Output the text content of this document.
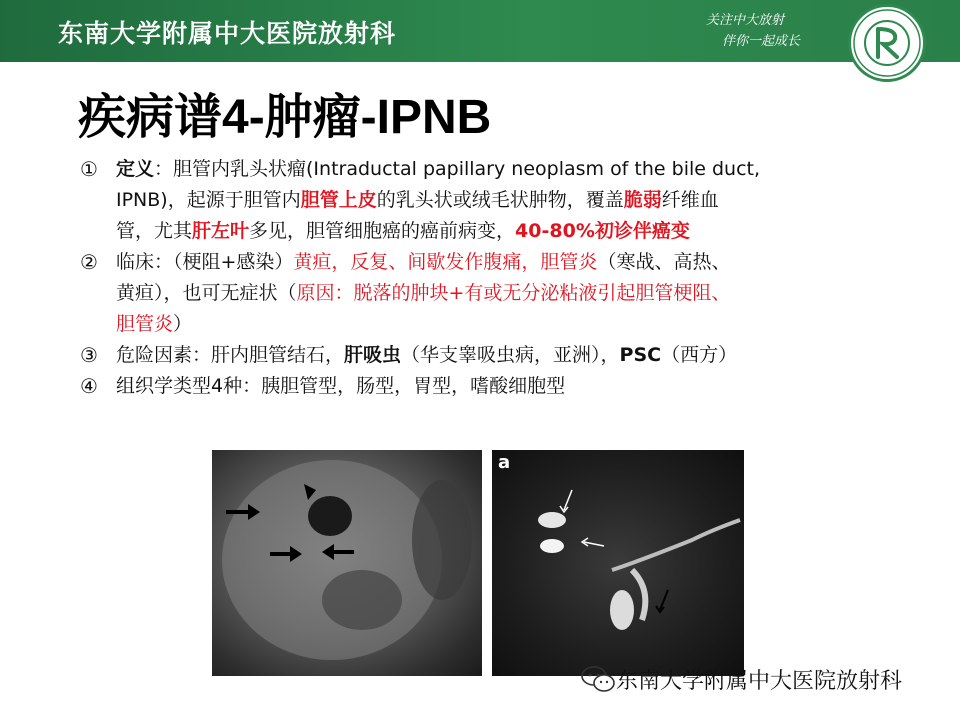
东南大学附属中大医院放射科	关注中大放射
伴你一起成长
疾病谱4-肿瘤-IPNB
① 定义：胆管内乳头状瘤(Intraductal papillary neoplasm of the bile duct,
IPNB)，起源于胆管内胆管上皮的乳头状或绒毛状肿物，覆盖脆弱纤维血
管，尤其肝左叶多见，胆管细胞癌的癌前病变，40-80%初诊伴癌变
② 临床：（梗阻+感染）黄疸，反复、间歇发作腹痛，胆管炎（寒战、高热、
黄疸），也可无症状（原因：脱落的肿块+有或无分泌粘液引起胆管梗阻、
胆管炎）
③ 危险因素：肝内胆管结石，肝吸虫（华支睾吸虫病，亚洲），PSC（西方）
④ 组织学类型4种：胰胆管型，肠型，胃型，嗜酸细胞型
a
东南大学附属中大医院放射科
